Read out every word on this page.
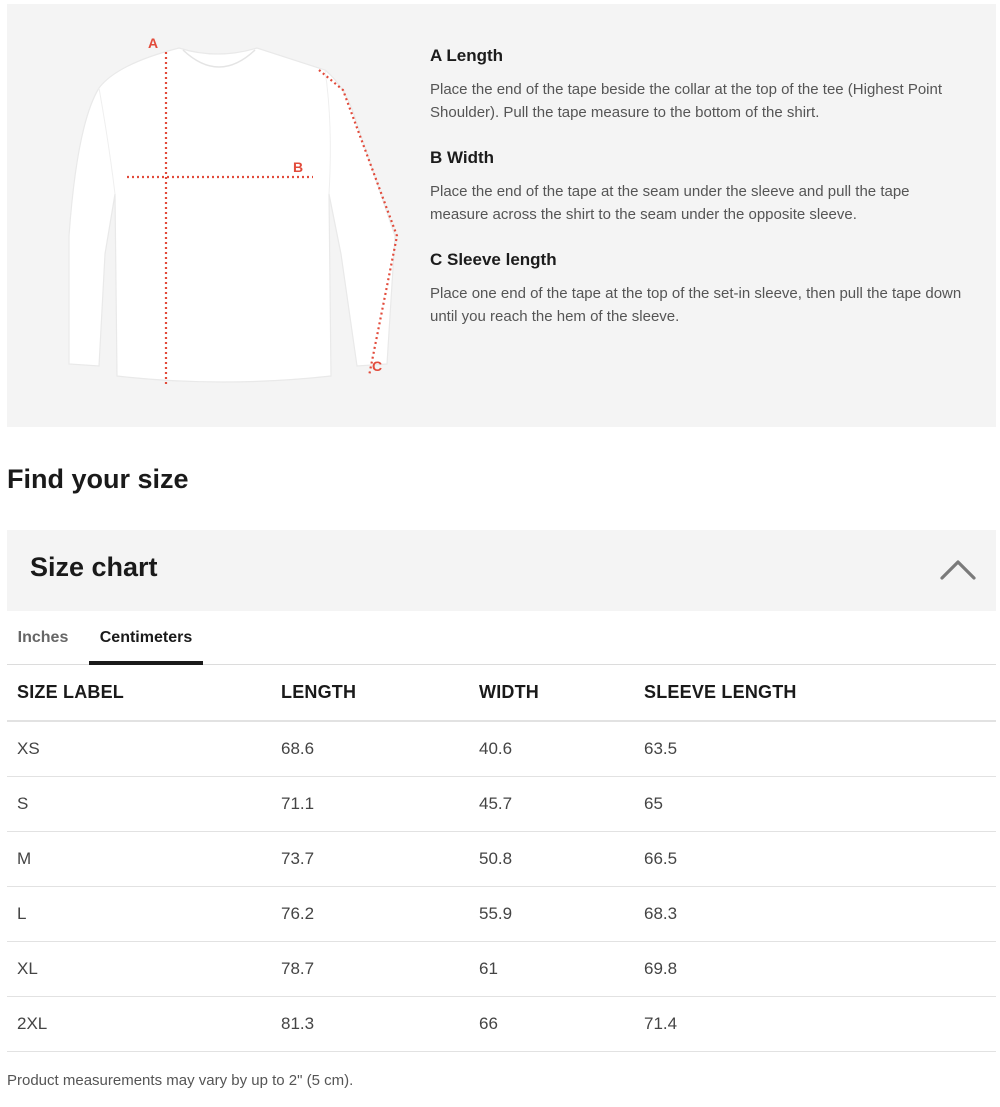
A
B
C
A Length
Place the end of the tape beside the collar at the top of the tee (Highest Point Shoulder). Pull the tape measure to the bottom of the shirt.
B Width
Place the end of the tape at the seam under the sleeve and pull the tape measure across the shirt to the seam under the opposite sleeve.
C Sleeve length
Place one end of the tape at the top of the set-in sleeve, then pull the tape down until you reach the hem of the sleeve.
Find your size
Size chart
Inches	Centimeters
SIZE LABEL	LENGTH	WIDTH	SLEEVE LENGTH
XS	68.6	40.6	63.5
S	71.1	45.7	65
M	73.7	50.8	66.5
L	76.2	55.9	68.3
XL	78.7	61	69.8
2XL	81.3	66	71.4
Product measurements may vary by up to 2" (5 cm).
